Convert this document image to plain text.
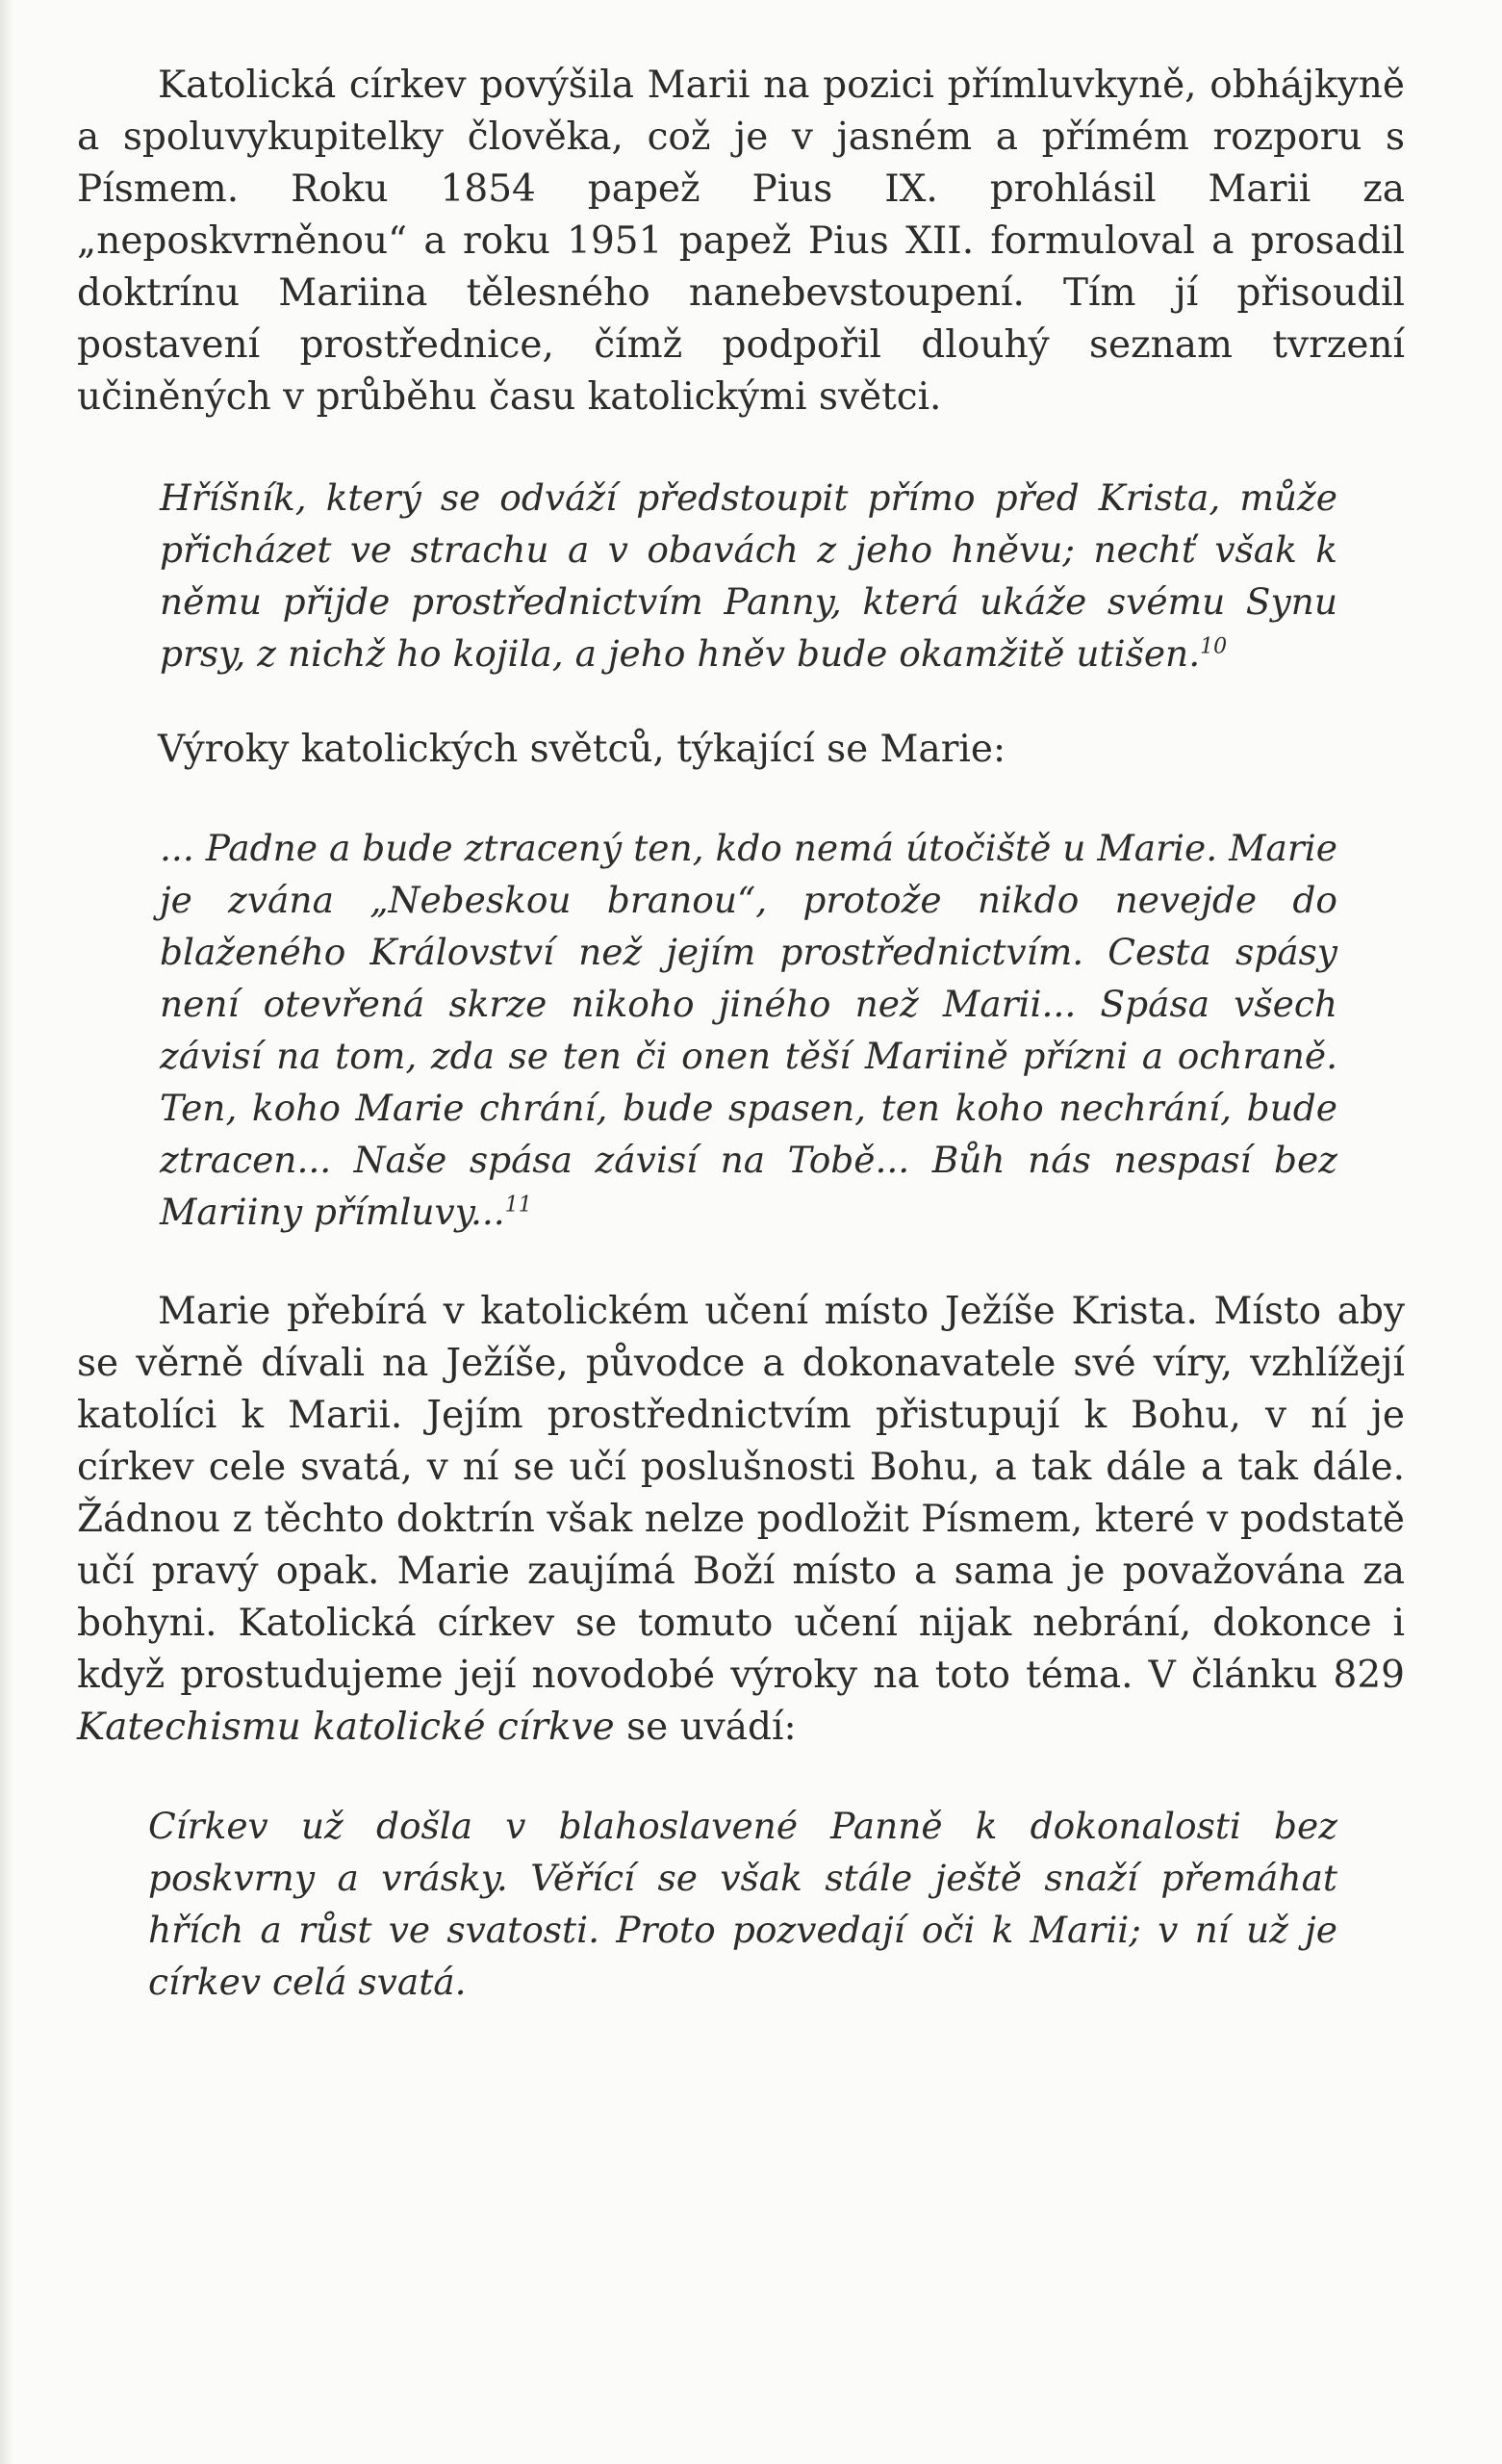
Katolická církev povýšila Marii na pozici přímluvkyně, obhájkyně a spoluvykupitelky člověka, což je v jasném a přímém rozporu s Písmem. Roku 1854 papež Pius IX. prohlásil Marii za „neposkvrněnou“ a roku 1951 papež Pius XII. formuloval a prosadil doktrínu Mariina tělesného nanebevstoupení. Tím jí přisoudil postavení prostřednice, čímž podpořil dlouhý seznam tvrzení učiněných v průběhu času katolickými světci.

Hříšník, který se odváží předstoupit přímo před Krista, může přicházet ve strachu a v obavách z jeho hněvu; nechť však k němu přijde prostřednictvím Panny, která ukáže svému Synu prsy, z nichž ho kojila, a jeho hněv bude okamžitě utišen.$^{10}$

Výroky katolických světců, týkající se Marie:

... Padne a bude ztracený ten, kdo nemá útočiště u Marie. Marie je zvána „Nebeskou branou“, protože nikdo nevejde do blaženého Království než jejím prostřednictvím. Cesta spásy není otevřená skrze nikoho jiného než Marii... Spása všech závisí na tom, zda se ten či onen těší Mariině přízni a ochraně. Ten, koho Marie chrání, bude spasen, ten koho nechrání, bude ztracen... Naše spása závisí na Tobě... Bůh nás nespasí bez Mariiny přímluvy...$^{11}$

Marie přebírá v katolickém učení místo Ježíše Krista. Místo aby se věrně dívali na Ježíše, původce a dokonavatele své víry, vzhlížejí katolíci k Marii. Jejím prostřednictvím přistupují k Bohu, v ní je církev cele svatá, v ní se učí poslušnosti Bohu, a tak dále a tak dále. Žádnou z těchto doktrín však nelze podložit Písmem, které v podstatě učí pravý opak. Marie zaujímá Boží místo a sama je považována za bohyni. Katolická církev se tomuto učení nijak nebrání, dokonce i když prostudujeme její novodobé výroky na toto téma. V článku 829 Katechismu katolické církve se uvádí:

Církev už došla v blahoslavené Panně k dokonalosti bez poskvrny a vrásky. Věřící se však stále ještě snaží přemáhat hřích a růst ve svatosti. Proto pozvedají oči k Marii; v ní už je církev celá svatá.
